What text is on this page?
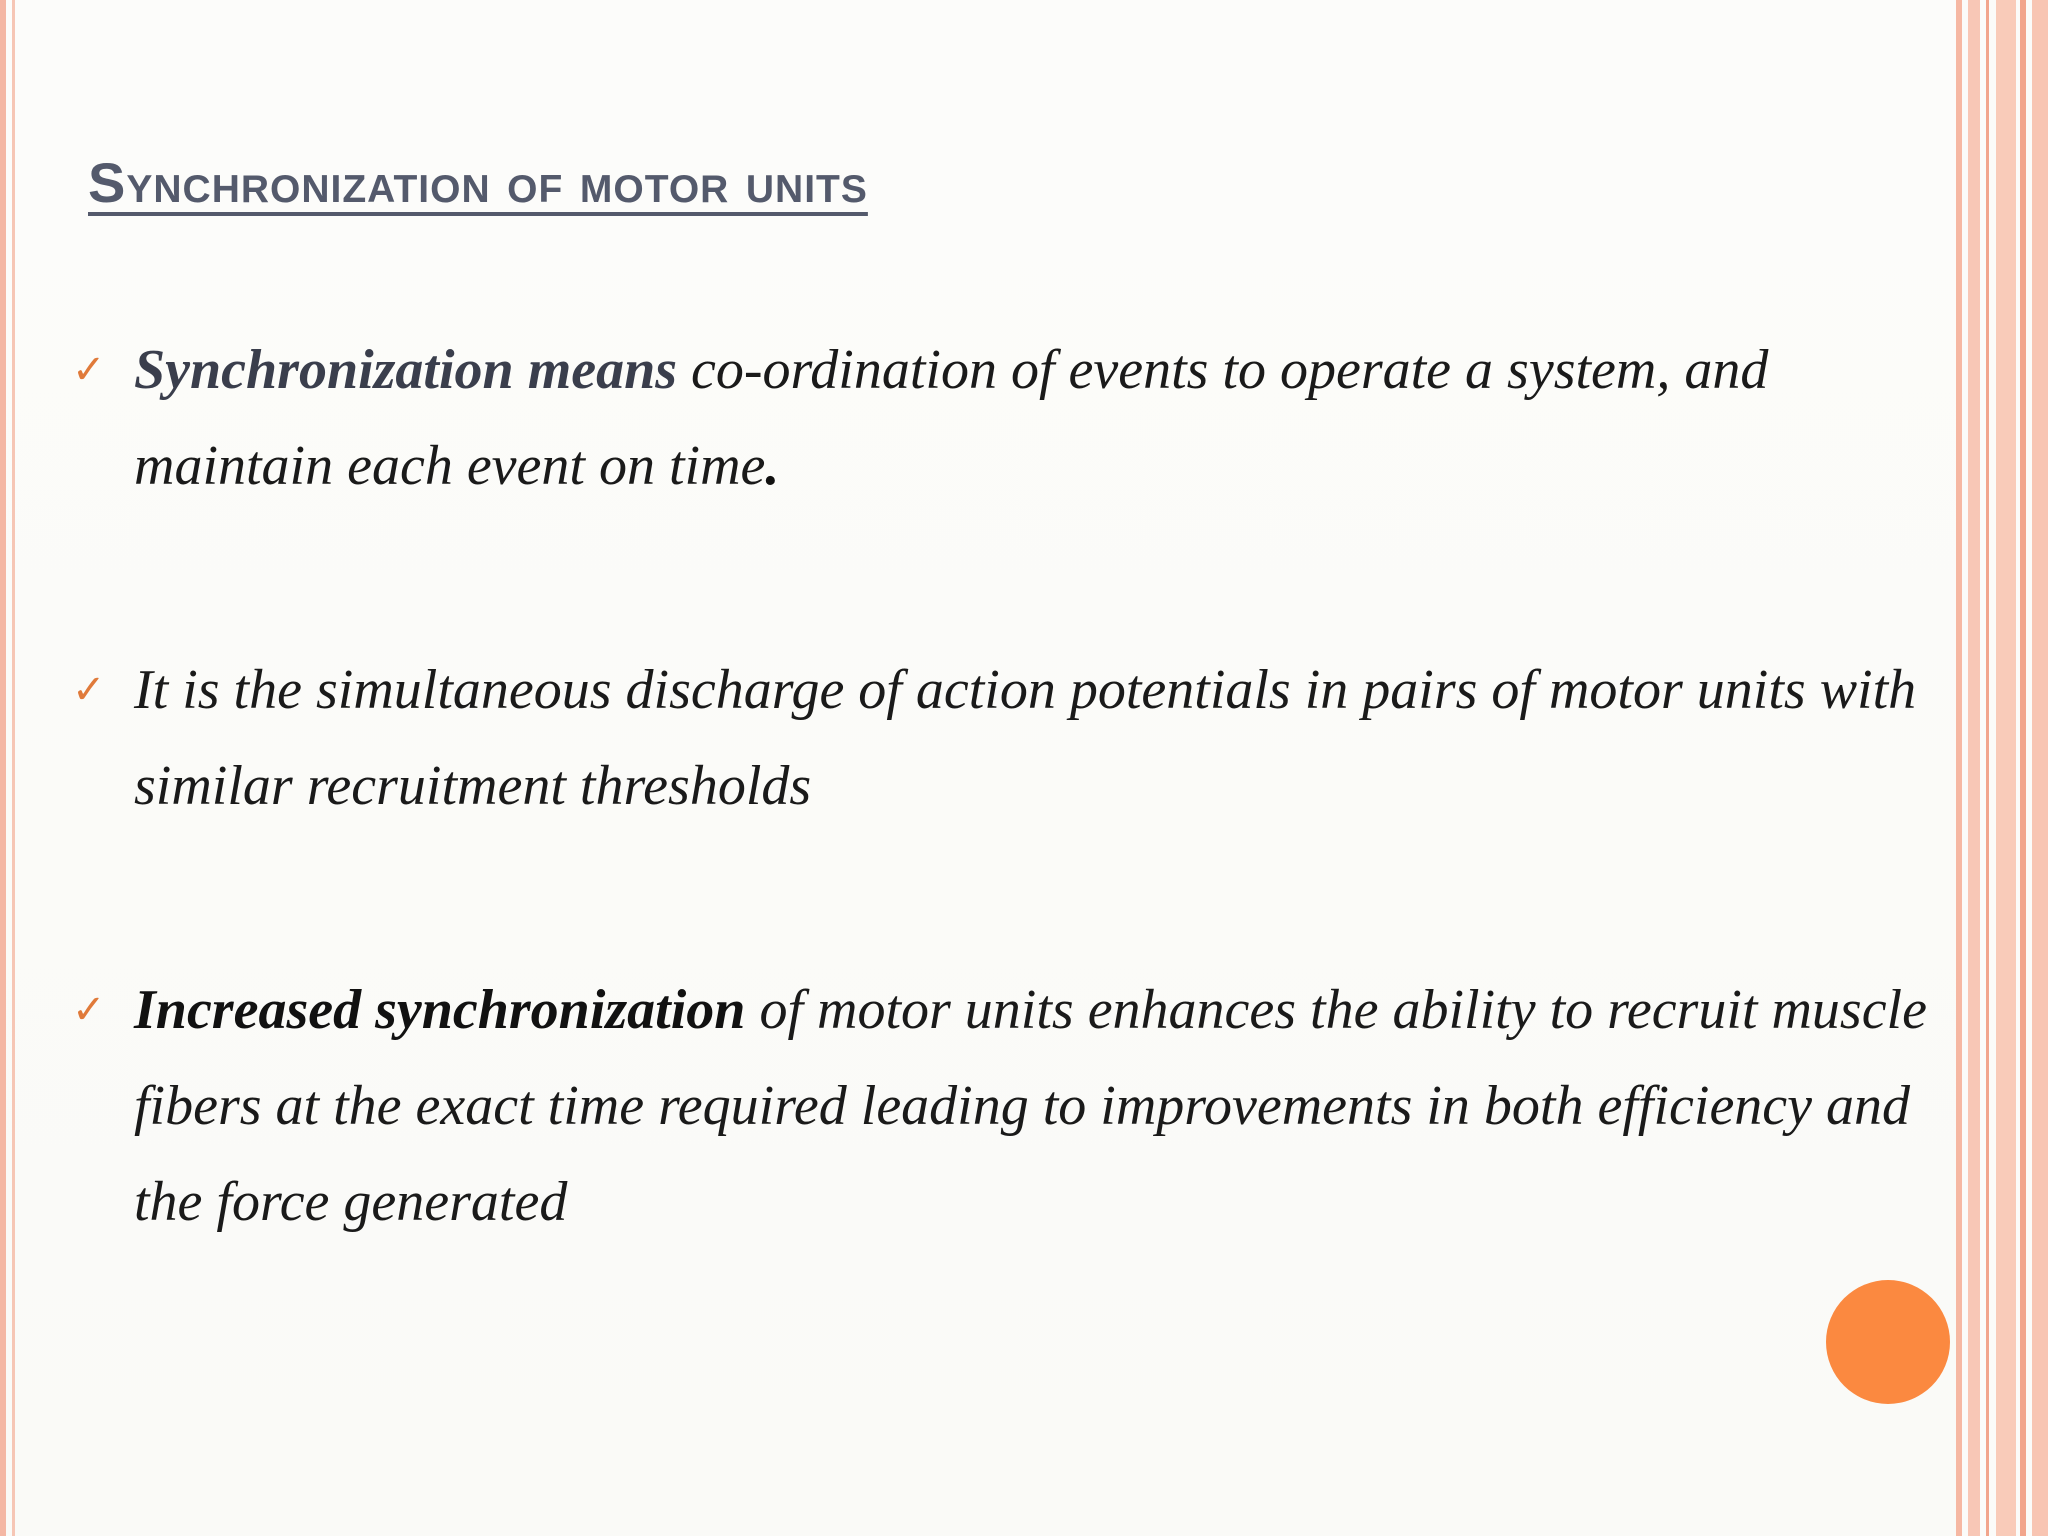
Synchronization of motor units
✓ Synchronization means co-ordination of events to operate a system, and maintain each event on time.
✓ It is the simultaneous discharge of action potentials in pairs of motor units with similar recruitment thresholds
✓ Increased synchronization of motor units enhances the ability to recruit muscle fibers at the exact time required leading to improvements in both efficiency and the force generated
